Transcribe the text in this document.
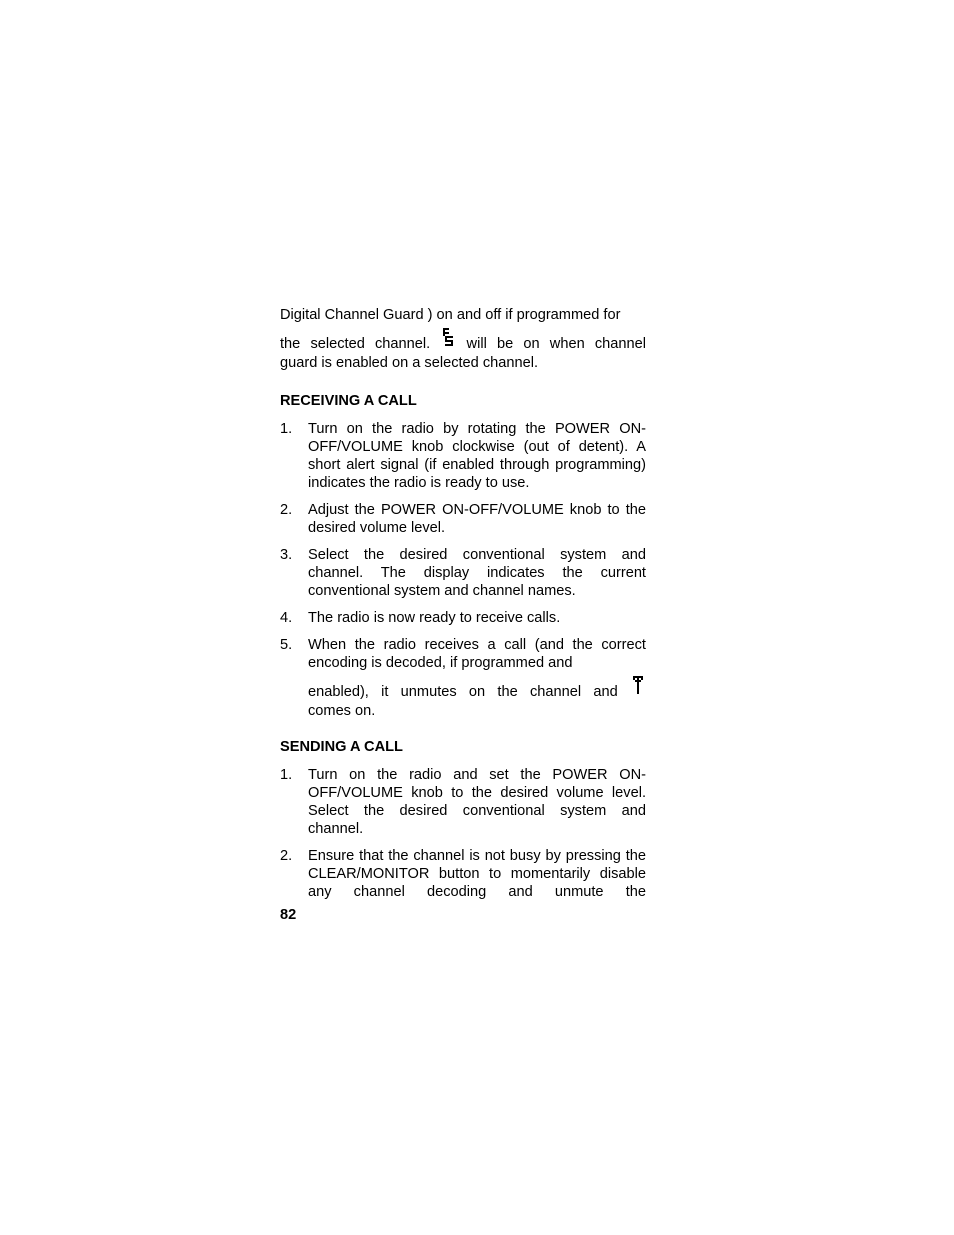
Digital Channel Guard ) on and off if programmed for

the selected channel. will be on when channel

guard is enabled on a selected channel.

RECEIVING A CALL
1. Turn on the radio by rotating the POWER ON-OFF/VOLUME knob clockwise (out of detent). A short alert signal (if enabled through programming) indicates the radio is ready to use.
2. Adjust the POWER ON-OFF/VOLUME knob to the desired volume level.
3. Select the desired conventional system and channel. The display indicates the current conventional system and channel names.
4. The radio is now ready to receive calls.
5. When the radio receives a call (and the correct encoding is decoded, if programmed and
enabled), it unmutes on the channel and
comes on.
SENDING A CALL
1. Turn on the radio and set the POWER ON-OFF/VOLUME knob to the desired volume level. Select the desired conventional system and channel.
2. Ensure that the channel is not busy by pressing the CLEAR/MONITOR button to momentarily disable any channel decoding and unmute the
82
